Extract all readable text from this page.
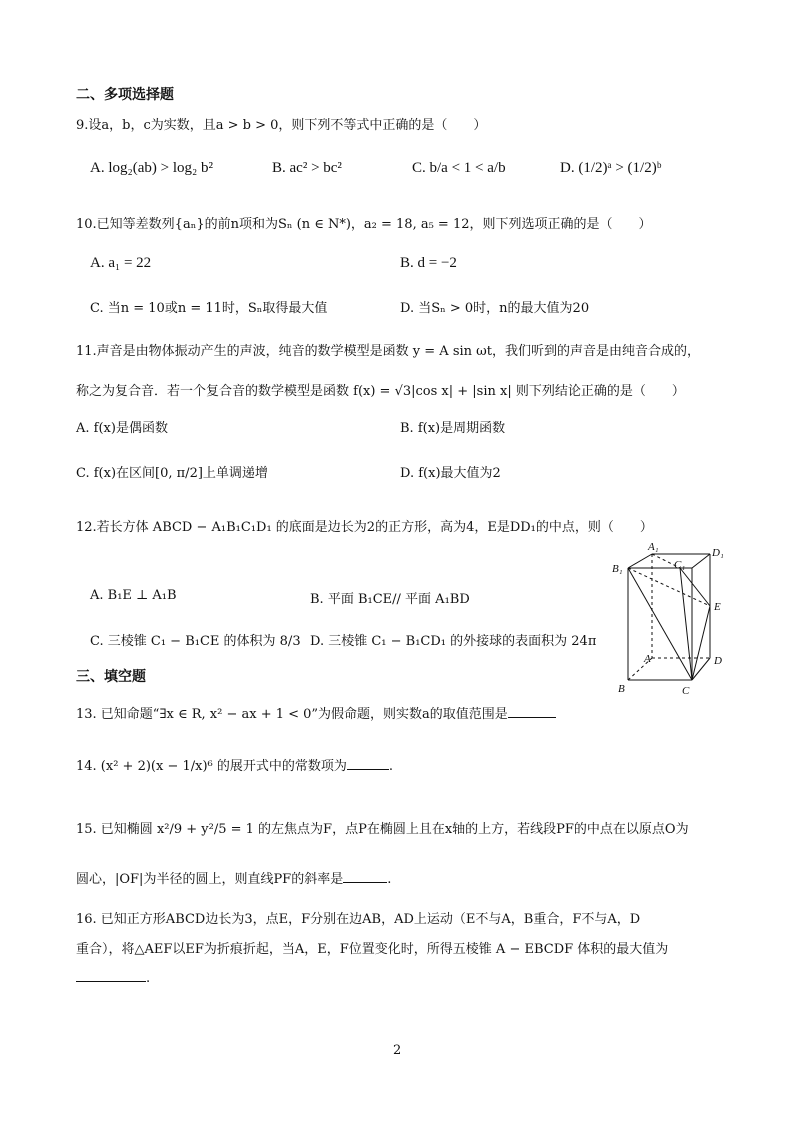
二、多项选择题
9.设a，b，c为实数，且a > b > 0，则下列不等式中正确的是（　　）
A. log₂(ab) > log₂ b²	B. ac² > bc²	C. b/a < 1 < a/b	D. (1/2)ᵃ > (1/2)ᵇ
10.已知等差数列{aₙ}的前n项和为Sₙ (n ∈ N*)，a₂ = 18, a₅ = 12，则下列选项正确的是（　　）
A. a₁ = 22	B. d = −2
C. 当n = 10或n = 11时，Sₙ取得最大值	D. 当Sₙ > 0时，n的最大值为20
11.声音是由物体振动产生的声波，纯音的数学模型是函数 y = A sin ωt，我们听到的声音是由纯音合成的，
称之为复合音．若一个复合音的数学模型是函数 f(x) = √3|cos x| + |sin x| 则下列结论正确的是（　　）
A. f(x)是偶函数	B. f(x)是周期函数
C. f(x)在区间[0, π/2]上单调递增	D. f(x)最大值为2
12.若长方体 ABCD − A₁B₁C₁D₁ 的底面是边长为2的正方形，高为4，E是DD₁的中点，则（　　）
A. B₁E ⊥ A₁B	B. 平面 B₁CE// 平面 A₁BD
C. 三棱锥 C₁ − B₁CE 的体积为 8/3 D. 三棱锥 C₁ − B₁CD₁ 的外接球的表面积为 24π
A₁	D₁
B₁	C₁
E
A	D
B	C
三、填空题
13. 已知命题“∃x ∈ R, x² − ax + 1 < 0”为假命题，则实数a的取值范围是
14. (x² + 2)(x − 1/x)⁶ 的展开式中的常数项为	.
15. 已知椭圆 x²/9 + y²/5 = 1 的左焦点为F，点P在椭圆上且在x轴的上方，若线段PF的中点在以原点O为
圆心，|OF|为半径的圆上，则直线PF的斜率是	.
16. 已知正方形ABCD边长为3，点E，F分别在边AB，AD上运动（E不与A，B重合，F不与A，D
重合），将△AEF以EF为折痕折起，当A，E，F位置变化时，所得五棱锥 A − EBCDF 体积的最大值为
.
2
